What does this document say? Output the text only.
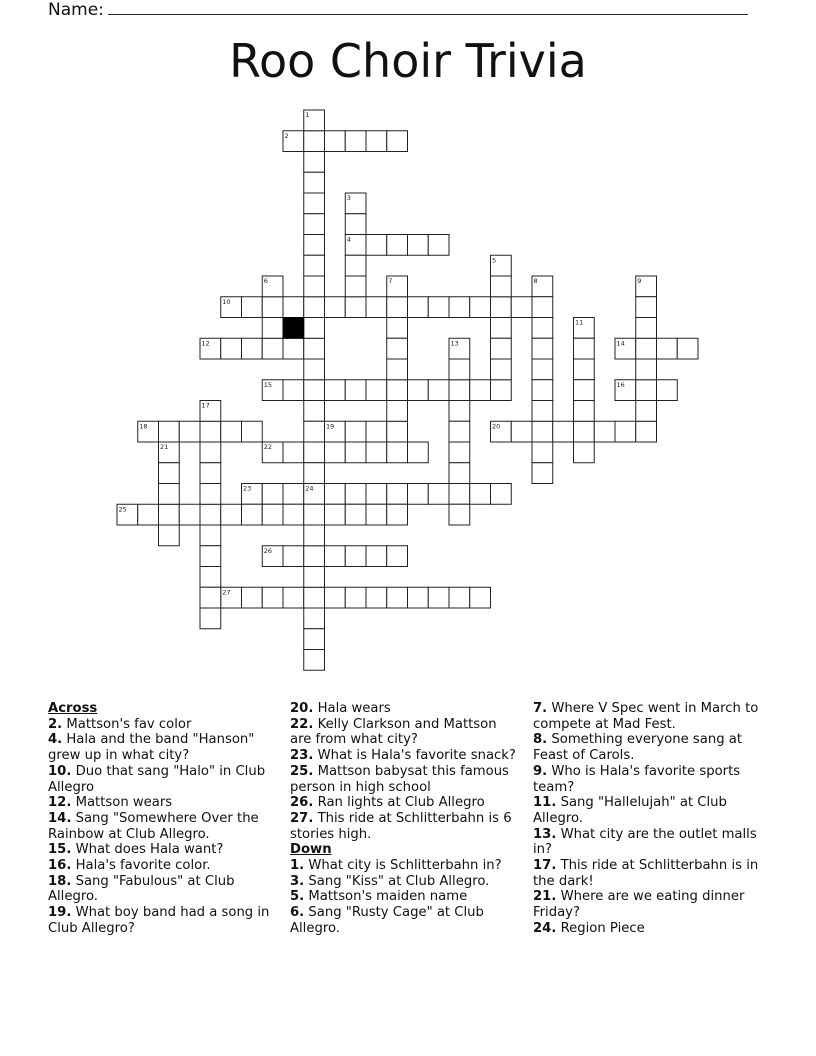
Name:
Roo Choir Trivia
1
2
3
4
5
6	7	8	9
10
11
12	13	14
15	16
17
18	19	20
21	22
23	24
25
26
27
Across
2. Mattson's fav color
4. Hala and the band "Hanson" grew up in what city?
10. Duo that sang "Halo" in Club Allegro
12. Mattson wears
14. Sang "Somewhere Over the Rainbow at Club Allegro.
15. What does Hala want?
16. Hala's favorite color.
18. Sang "Fabulous" at Club Allegro.
19. What boy band had a song in Club Allegro?
20. Hala wears
22. Kelly Clarkson and Mattson are from what city?
23. What is Hala's favorite snack?
25. Mattson babysat this famous person in high school
26. Ran lights at Club Allegro
27. This ride at Schlitterbahn is 6 stories high.
Down
1. What city is Schlitterbahn in?
3. Sang "Kiss" at Club Allegro.
5. Mattson's maiden name
6. Sang "Rusty Cage" at Club Allegro.
7. Where V Spec went in March to compete at Mad Fest.
8. Something everyone sang at Feast of Carols.
9. Who is Hala's favorite sports team?
11. Sang "Hallelujah" at Club Allegro.
13. What city are the outlet malls in?
17. This ride at Schlitterbahn is in the dark!
21. Where are we eating dinner Friday?
24. Region Piece
